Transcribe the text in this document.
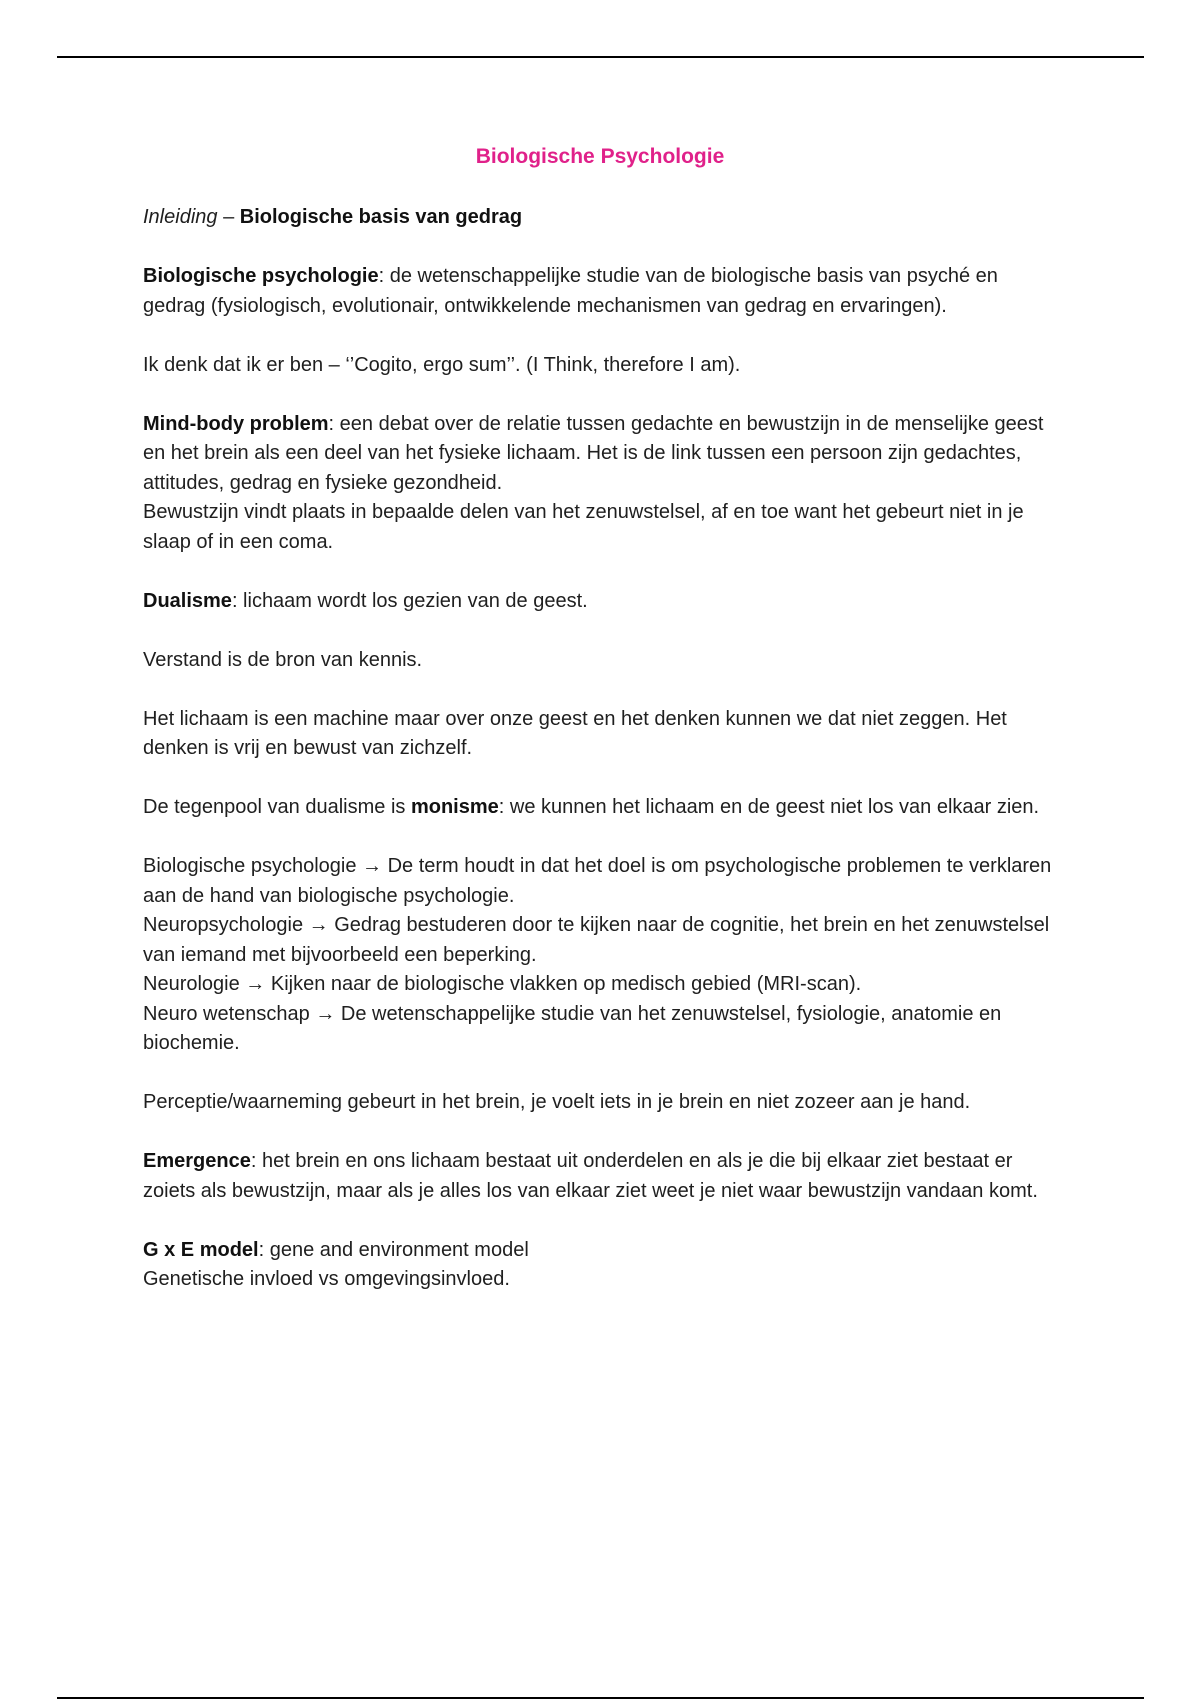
Biologische Psychologie

Inleiding – Biologische basis van gedrag

Biologische psychologie: de wetenschappelijke studie van de biologische basis van psyché en gedrag (fysiologisch, evolutionair, ontwikkelende mechanismen van gedrag en ervaringen).

Ik denk dat ik er ben – ‘’Cogito, ergo sum’’. (I Think, therefore I am).

Mind-body problem: een debat over de relatie tussen gedachte en bewustzijn in de menselijke geest en het brein als een deel van het fysieke lichaam. Het is de link tussen een persoon zijn gedachtes, attitudes, gedrag en fysieke gezondheid.

Bewustzijn vindt plaats in bepaalde delen van het zenuwstelsel, af en toe want het gebeurt niet in je slaap of in een coma.

Dualisme: lichaam wordt los gezien van de geest.

Verstand is de bron van kennis.

Het lichaam is een machine maar over onze geest en het denken kunnen we dat niet zeggen. Het denken is vrij en bewust van zichzelf.

De tegenpool van dualisme is monisme: we kunnen het lichaam en de geest niet los van elkaar zien.

Biologische psychologie → De term houdt in dat het doel is om psychologische problemen te verklaren aan de hand van biologische psychologie.
Neuropsychologie → Gedrag bestuderen door te kijken naar de cognitie, het brein en het zenuwstelsel van iemand met bijvoorbeeld een beperking.
Neurologie → Kijken naar de biologische vlakken op medisch gebied (MRI-scan).
Neuro wetenschap → De wetenschappelijke studie van het zenuwstelsel, fysiologie, anatomie en biochemie.

Perceptie/waarneming gebeurt in het brein, je voelt iets in je brein en niet zozeer aan je hand.

Emergence: het brein en ons lichaam bestaat uit onderdelen en als je die bij elkaar ziet bestaat er zoiets als bewustzijn, maar als je alles los van elkaar ziet weet je niet waar bewustzijn vandaan komt.

G x E model: gene and environment model

Genetische invloed vs omgevingsinvloed.
